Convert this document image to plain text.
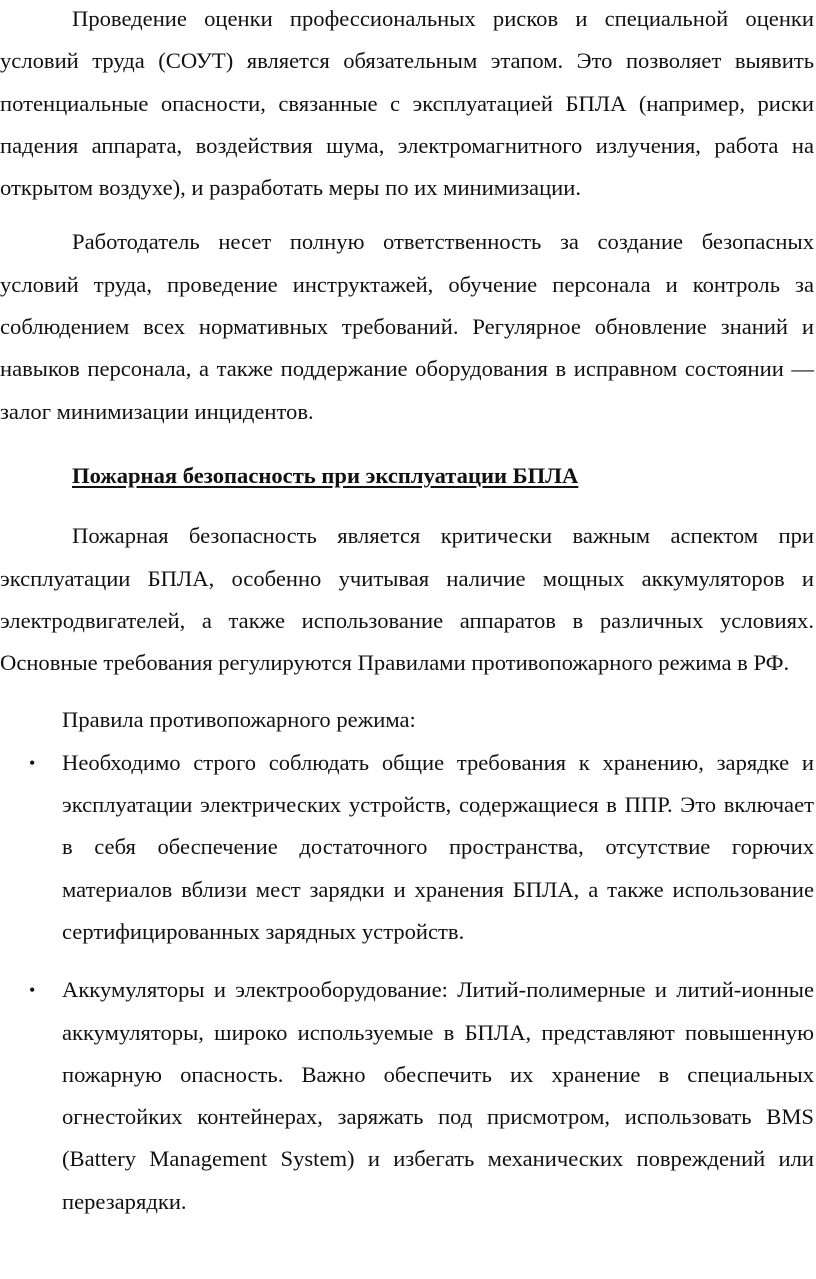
Проведение оценки профессиональных рисков и специальной оценки условий труда (СОУТ) является обязательным этапом. Это позволяет выявить потенциальные опасности, связанные с эксплуатацией БПЛА (например, риски падения аппарата, воздействия шума, электромагнитного излучения, работа на открытом воздухе), и разработать меры по их минимизации.

Работодатель несет полную ответственность за создание безопасных условий труда, проведение инструктажей, обучение персонала и контроль за соблюдением всех нормативных требований. Регулярное обновление знаний и навыков персонала, а также поддержание оборудования в исправном состоянии — залог минимизации инцидентов.

Пожарная безопасность при эксплуатации БПЛА

Пожарная безопасность является критически важным аспектом при эксплуатации БПЛА, особенно учитывая наличие мощных аккумуляторов и электродвигателей, а также использование аппаратов в различных условиях. Основные требования регулируются Правилами противопожарного режима в РФ.

Правила противопожарного режима:

• Необходимо строго соблюдать общие требования к хранению, зарядке и эксплуатации электрических устройств, содержащиеся в ППР. Это включает в себя обеспечение достаточного пространства, отсутствие горючих материалов вблизи мест зарядки и хранения БПЛА, а также использование сертифицированных зарядных устройств.
• Аккумуляторы и электрооборудование: Литий-полимерные и литий-ионные аккумуляторы, широко используемые в БПЛА, представляют повышенную пожарную опасность. Важно обеспечить их хранение в специальных огнестойких контейнерах, заряжать под присмотром, использовать BMS (Battery Management System) и избегать механических повреждений или перезарядки.
